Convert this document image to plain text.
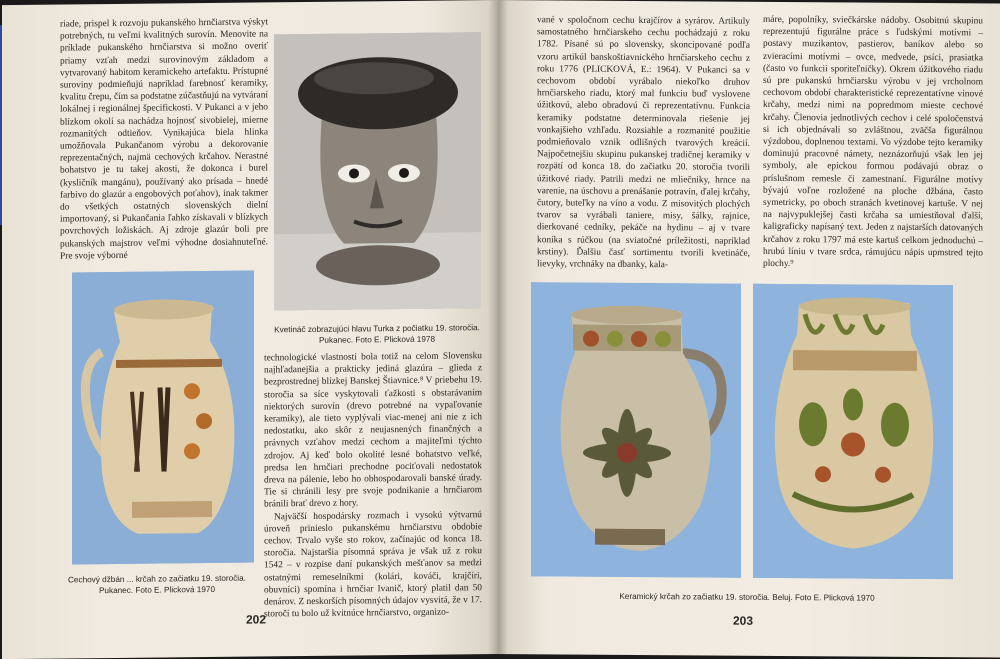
riade, prispel k rozvoju pukanského hrnčiarstva výskyt potrebných, tu veľmi kvalitných surovín. Menovite na príklade pukanského hrnčiarstva si možno overiť priamy vzťah medzi surovinovým základom a vytvarovaný habitom keramickeho artefaktu. Prístupné suroviny podmieňujú napríklad farebnosť keramiky, kvalitu črepu, čím sa podstatne zúčastňujú na vytváraní lokálnej i regionálnej špecifickosti. V Pukanci a v jeho blízkom okolí sa nachádza hojnosť sivobielej, mierne rozmanitých odtieňov. Vynikajúca biela hlinka umožňovala Pukančanom výrobu a dekorovanie reprezentačných, najmä cechových krčahov. Nerastné bohatstvo je tu takej akosti, že dokonca i burel (kysličník mangánu), používaný ako prísada – hnedé farbivo do glazúr a engobových poťahov), inak takmer do všetkých ostatných slovenských dielní importovaný, si Pukančania ľahko získavali v blízkych povrchových ložiskách. Aj zdroje glazúr boli pre pukanských majstrov veľmi výhodne dosiahnuteľné. Pre svoje výborné

Kvetináč zobrazujúci hlavu Turka z počiatku 19. storočia. Pukanec. Foto E. Plicková 1978
Cechový džbán ... krčah zo začiatku 19. storočia. Pukanec. Foto E. Plicková 1970

technologické vlastnosti bola totiž na celom Slovensku najhľadanejšia a prakticky jediná glazúra – glieda z bezprostrednej blízkej Banskej Štiavnice.⁸ V priebehu 19. storočia sa síce vyskytovali ťažkosti s obstarávaním niektorých surovín (drevo potrebné na vypaľovanie keramiky), ale tieto vyplývali viac-menej ani nie z ich nedostatku, ako skôr z neujasnených finančných a právnych vzťahov medzi cechom a majiteľmi týchto zdrojov. Aj keď bolo okolité lesné bohatstvo veľké, predsa len hrnčiari prechodne pociťovali nedostatok dreva na pálenie, lebo ho obhospodarovali banské úrady. Tie si chránili lesy pre svoje podnikanie a hrnčiarom bránili brať drevo z hory.

Najväčší hospodársky rozmach i vysokú výtvarnú úroveň prinieslo pukanskému hrnčiarstvu obdobie cechov. Trvalo vyše sto rokov, začínajúc od konca 18. storočia. Najstaršia písomná správa je však už z roku 1542 – v rozpise daní pukanských mešťanov sa medzi ostatnými remeselníkmi (kolári, kováči, krajčíri, obuvníci) spomína i hrnčiar Ivanič, ktorý platil dan 50 denárov. Z neskorších písomných údajov vysvitá, že v 17. storočí tu bolo už kvitnúce hrnčiarstvo, organizo-

202

vané v spoločnom cechu krajčírov a syrárov. Artikuly samostatného hrnčiarskeho cechu pochádzajú z roku 1782. Písané sú po slovensky, skoncipované podľa vzoru artikúl banskoštiavnického hrnčiarskeho cechu z roku 1776 (PLICKOVÁ, E.: 1964). V Pukanci sa v cechovom období vyrábalo niekoľko druhov hrnčiarskeho riadu, ktorý mal funkciu buď vyslovene úžitkovú, alebo obradovú či reprezentatívnu. Funkcia keramiky podstatne determinovala riešenie jej vonkajšieho vzhľadu. Rozsiahle a rozmanité použitie podmieňovalo vznik odlišných tvarových kreácií. Najpočetnejšiu skupinu pukanskej tradičnej keramiky v rozpätí od konca 18. do začiatku 20. storočia tvorili úžitkové riady. Patrili medzi ne mliečniky, hrnce na varenie, na úschovu a prenášanie potravín, ďalej krčahy, čutory, buteľky na víno a vodu. Z misovitých plochých tvarov sa vyrábali taniere, misy, šálky, rajnice, dierkované cedníky, pekáče na hydinu – aj v tvare koníka s rúčkou (na sviatočné príležitosti, napríklad krstiny). Ďalšiu časť sortimentu tvorili kvetináče, lievyky, vrchnáky na dbanky, kala-

máre, popolníky, sviečkárske nádoby. Osobitnú skupinu reprezentujú figurálne práce s ľudskými motívmi – postavy muzikantov, pastierov, baníkov alebo so zvieracími motívmi – ovce, medvede, psíci, prasiatka (často vo funkcii sporiteľničky). Okrem úžitkového riadu sú pre pukanskú hrnčiarsku výrobu v jej vrcholnom cechovom období charakteristické reprezentatívne vínové krčahy, medzi nimi na popredmom mieste cechové krčahy. Členovia jednotlivých cechov i celé spoločenstvá si ich objednávali so zvláštnou, zväčša figurálnou výzdobou, doplnenou textami. Vo výzdobe tejto keramiky dominujú pracovné námety, neznázorňujú však len jej symboly, ale epickou formou podávajú obraz o príslušnom remesle či zamestnaní. Figurálne motívy bývajú voľne rozložené na ploche džbána, často symetricky, po oboch stranách kvetinovej kartuše. V nej na najvypuklejšej časti krčaha sa umiestňoval ďalší, kaligraficky napísaný text. Jeden z najstarších datovaných krčahov z roku 1797 má este kartuš celkom jednoduchú – hrubú líniu v tvare srdca, rámujúcu nápis upmstred tejto plochy.⁹

Keramický krčah zo začiatku 19. storočia. Beluj. Foto E. Plicková 1970
203
